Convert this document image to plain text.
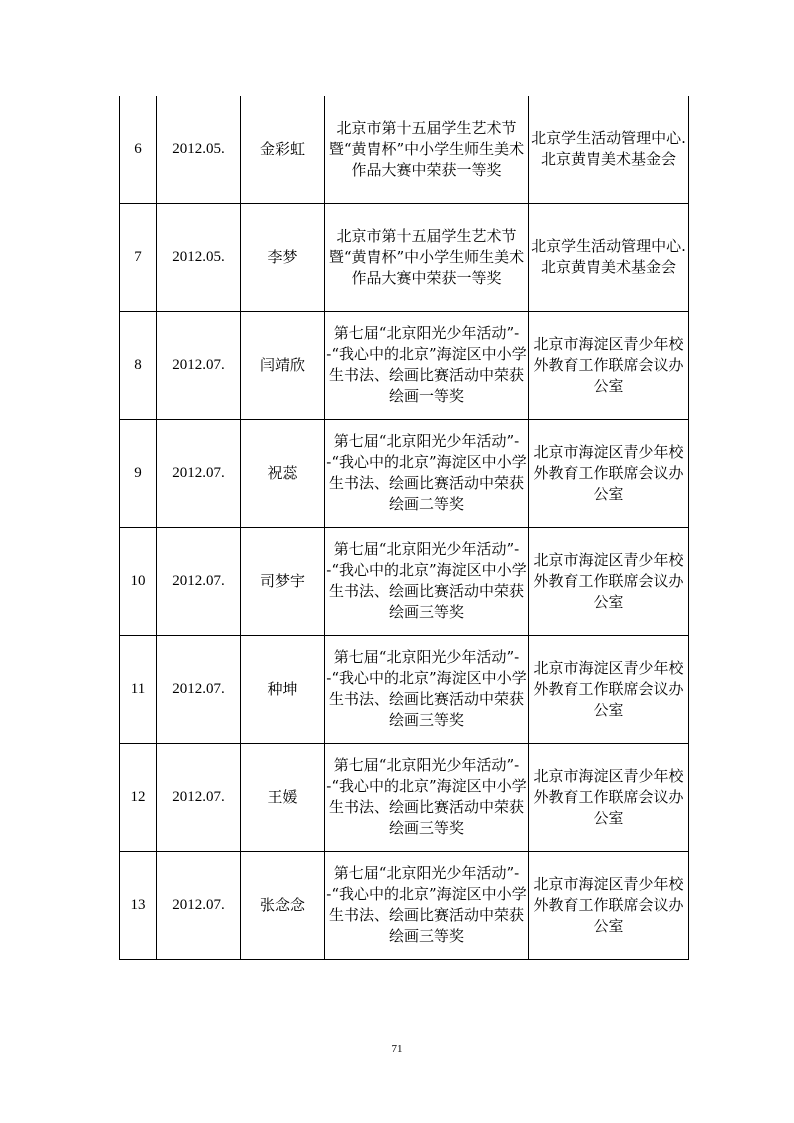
6	2012.05.	金彩虹	北京市第十五届学生艺术节暨“黄胄杯”中小学生师生美术作品大赛中荣获一等奖	北京学生活动管理中心.北京黄胄美术基金会
7	2012.05.	李梦	北京市第十五届学生艺术节暨“黄胄杯”中小学生师生美术作品大赛中荣获一等奖	北京学生活动管理中心.北京黄胄美术基金会
8	2012.07.	闫靖欣	第七届“北京阳光少年活动”--“我心中的北京”海淀区中小学生书法、绘画比赛活动中荣获绘画一等奖	北京市海淀区青少年校外教育工作联席会议办公室
9	2012.07.	祝蕊	第七届“北京阳光少年活动”--“我心中的北京”海淀区中小学生书法、绘画比赛活动中荣获绘画二等奖	北京市海淀区青少年校外教育工作联席会议办公室
10	2012.07.	司梦宇	第七届“北京阳光少年活动”--“我心中的北京”海淀区中小学生书法、绘画比赛活动中荣获绘画三等奖	北京市海淀区青少年校外教育工作联席会议办公室
11	2012.07.	种坤	第七届“北京阳光少年活动”--“我心中的北京”海淀区中小学生书法、绘画比赛活动中荣获绘画三等奖	北京市海淀区青少年校外教育工作联席会议办公室
12	2012.07.	王媛	第七届“北京阳光少年活动”--“我心中的北京”海淀区中小学生书法、绘画比赛活动中荣获绘画三等奖	北京市海淀区青少年校外教育工作联席会议办公室
13	2012.07.	张念念	第七届“北京阳光少年活动”--“我心中的北京”海淀区中小学生书法、绘画比赛活动中荣获绘画三等奖	北京市海淀区青少年校外教育工作联席会议办公室
71
